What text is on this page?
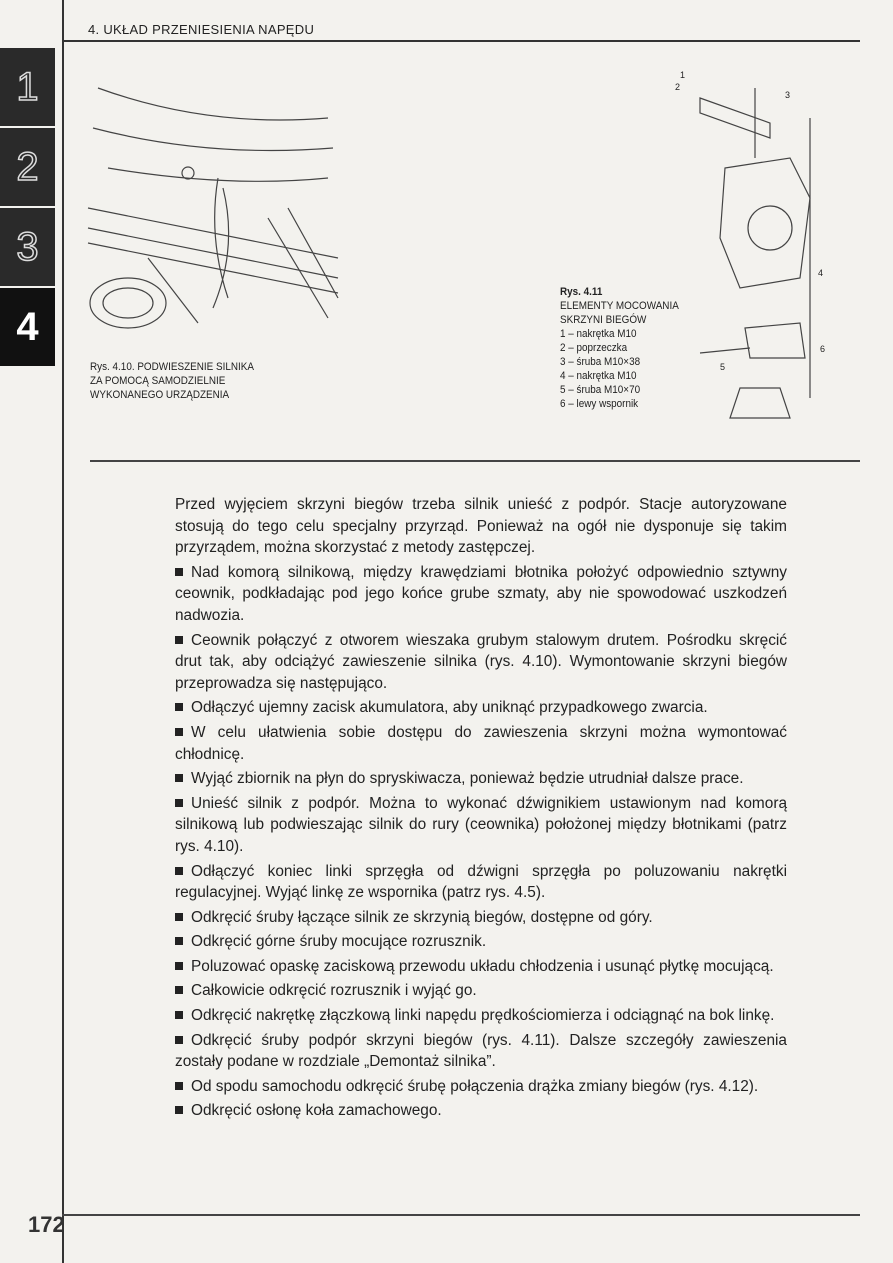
4. UKŁAD PRZENIESIENIA NAPĘDU
1
2
3
4
Rys. 4.10. PODWIESZENIE SILNIKA
ZA POMOCĄ SAMODZIELNIE
WYKONANEGO URZĄDZENIA
1
2
3
4
5
6
Rys. 4.11
ELEMENTY MOCOWANIA
SKRZYNI BIEGÓW
1 – nakrętka M10
2 – poprzeczka
3 – śruba M10×38
4 – nakrętka M10
5 – śruba M10×70
6 – lewy wspornik

Przed wyjęciem skrzyni biegów trzeba silnik unieść z podpór. Stacje autoryzowane stosują do tego celu specjalny przyrząd. Ponieważ na ogół nie dysponuje się takim przyrządem, można skorzystać z metody zastępczej.

Nad komorą silnikową, między krawędziami błotnika położyć odpowiednio sztywny ceownik, podkładając pod jego końce grube szmaty, aby nie spowodować uszkodzeń nadwozia.

Ceownik połączyć z otworem wieszaka grubym stalowym drutem. Pośrodku skręcić drut tak, aby odciążyć zawieszenie silnika (rys. 4.10). Wymontowanie skrzyni biegów przeprowadza się następująco.

Odłączyć ujemny zacisk akumulatora, aby uniknąć przypadkowego zwarcia.

W celu ułatwienia sobie dostępu do zawieszenia skrzyni można wymontować chłodnicę.

Wyjąć zbiornik na płyn do spryskiwacza, ponieważ będzie utrudniał dalsze prace.

Unieść silnik z podpór. Można to wykonać dźwignikiem ustawionym nad komorą silnikową lub podwieszając silnik do rury (ceownika) położonej między błotnikami (patrz rys. 4.10).

Odłączyć koniec linki sprzęgła od dźwigni sprzęgła po poluzowaniu nakrętki regulacyjnej. Wyjąć linkę ze wspornika (patrz rys. 4.5).

Odkręcić śruby łączące silnik ze skrzynią biegów, dostępne od góry.

Odkręcić górne śruby mocujące rozrusznik.

Poluzować opaskę zaciskową przewodu układu chłodzenia i usunąć płytkę mocującą.

Całkowicie odkręcić rozrusznik i wyjąć go.

Odkręcić nakrętkę złączkową linki napędu prędkościomierza i odciągnąć na bok linkę.

Odkręcić śruby podpór skrzyni biegów (rys. 4.11). Dalsze szczegóły zawieszenia zostały podane w rozdziale „Demontaż silnika”.

Od spodu samochodu odkręcić śrubę połączenia drążka zmiany biegów (rys. 4.12).

Odkręcić osłonę koła zamachowego.

172
